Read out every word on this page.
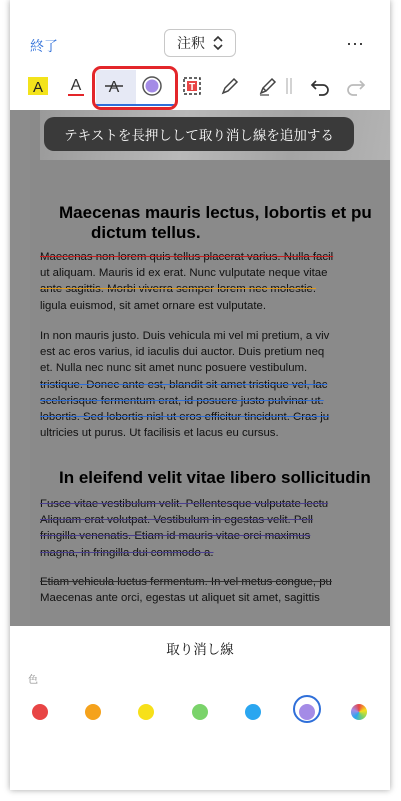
終了	注釈	⋯
A A A	T
Maecenas mauris lectus, lobortis et pu
dictum tellus.
Maecenas non lorem quis tellus placerat varius. Nulla facil
ut aliquam. Mauris id ex erat. Nunc vulputate neque vitae
ante sagittis. Morbi viverra semper lorem nec molestie.
ligula euismod, sit amet ornare est vulputate.
In non mauris justo. Duis vehicula mi vel mi pretium, a viv
est ac eros varius, id iaculis dui auctor. Duis pretium neq
et. Nulla nec nunc sit amet nunc posuere vestibulum.
tristique. Donec ante est, blandit sit amet tristique vel, lac
scelerisque fermentum erat, id posuere justo pulvinar ut.
lobortis. Sed lobortis nisl ut eros efficitur tincidunt. Cras ju
ultricies ut purus. Ut facilisis et lacus eu cursus.
In eleifend velit vitae libero sollicitudin
Fusce vitae vestibulum velit. Pellentesque vulputate lectu
Aliquam erat volutpat. Vestibulum in egestas velit. Pell
fringilla venenatis. Etiam id mauris vitae orci maximus
magna, in fringilla dui commodo a.
Etiam vehicula luctus fermentum. In vel metus congue, pu
Maecenas ante orci, egestas ut aliquet sit amet, sagittis
テキストを長押しして取り消し線を追加する
取り消し線
色
